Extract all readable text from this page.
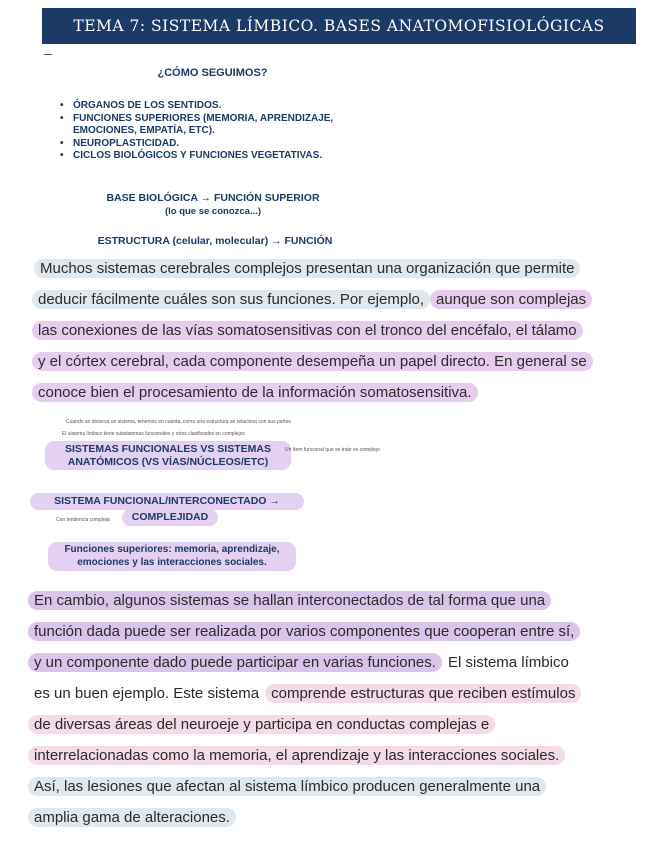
TEMA 7: SISTEMA LÍMBICO. BASES ANATOMOFISIOLÓGICAS
¿CÓMO SEGUIMOS?
• ÓRGANOS DE LOS SENTIDOS.
• FUNCIONES SUPERIORES (MEMORIA, APRENDIZAJE,
EMOCIONES, EMPATÍA, ETC).
• NEUROPLASTICIDAD.
• CICLOS BIOLÓGICOS Y FUNCIONES VEGETATIVAS.
BASE BIOLÓGICA → FUNCIÓN SUPERIOR
(lo que se conozca...)
ESTRUCTURA (celular, molecular) → FUNCIÓN
Muchos sistemas cerebrales complejos presentan una organización que permite
deducir fácilmente cuáles son sus funciones. Por ejemplo, aunque son complejas
las conexiones de las vías somatosensitivas con el tronco del encéfalo, el tálamo
y el córtex cerebral, cada componente desempeña un papel directo. En general se
conoce bien el procesamiento de la información somatosensitiva.
Cuando se observa un sistema, tenemos en cuenta, como una estructura se relaciona con sus partes
El sistema límbico tiene subsistemas funcionales y otros clasificados en complejos
SISTEMAS FUNCIONALES VS SISTEMAS
ANATÓMICOS (VS VÍAS/NÚCLEOS/ETC)
Un ítem funcional que se trate es complejo
SISTEMA FUNCIONAL/INTERCONECTADO →
COMPLEJIDAD
Con tendencia compleja
Funciones superiores: memoria, aprendizaje,
emociones y las interacciones sociales.
En cambio, algunos sistemas se hallan interconectados de tal forma que una
función dada puede ser realizada por varios componentes que cooperan entre sí,
y un componente dado puede participar en varias funciones. El sistema límbico
es un buen ejemplo. Este sistema comprende estructuras que reciben estímulos
de diversas áreas del neuroeje y participa en conductas complejas e
interrelacionadas como la memoria, el aprendizaje y las interacciones sociales.
Así, las lesiones que afectan al sistema límbico producen generalmente una
amplia gama de alteraciones.
